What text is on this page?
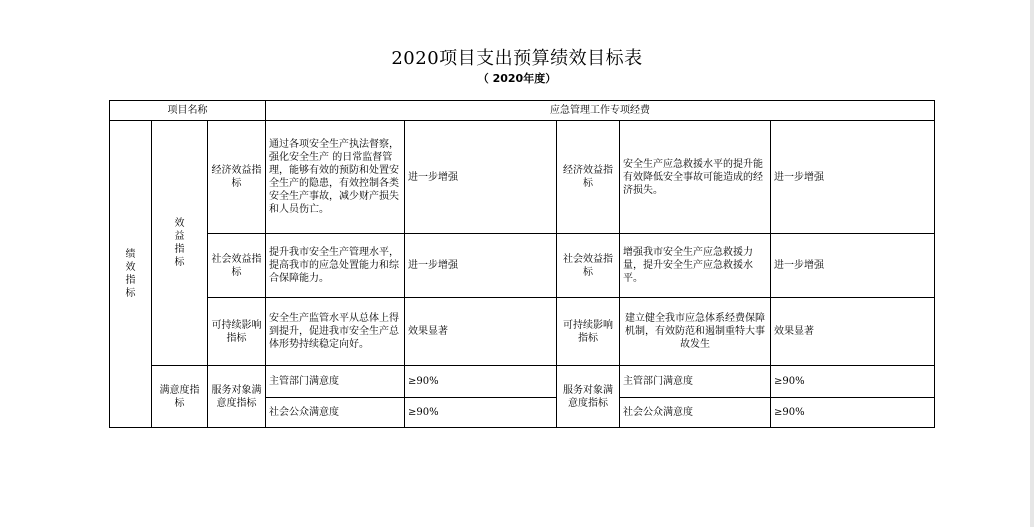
2020项目支出预算绩效目标表
（ 2020年度）
项目名称			应急管理工作专项经费				

绩
效
指
标	效
益
指
标	经济效益指标	通过各项安全生产执法督察，强化安全生产 的日常监督管理，能够有效的预防和处置安全生产的隐患，有效控制各类安全生产事故，减少财产损失和人员伤亡。	进一步增强	经济效益指标	安全生产应急救援水平的提升能有效降低安全事故可能造成的经济损失。	进一步增强
		社会效益指标	提升我市安全生产管理水平，提高我市的应急处置能力和综合保障能力。	进一步增强	社会效益指标	增强我市安全生产应急救援力量，提升安全生产应急救援水平。	进一步增强
		可持续影响指标	安全生产监管水平从总体上得到提升，促进我市安全生产总体形势持续稳定向好。	效果显著	可持续影响指标	建立健全我市应急体系经费保障机制，有效防范和遏制重特大事故发生	效果显著
	满意度指标	服务对象满意度指标	主管部门满意度	≥90%	服务对象满意度指标	主管部门满意度	≥90%
			社会公众满意度	≥90%		社会公众满意度	≥90%
